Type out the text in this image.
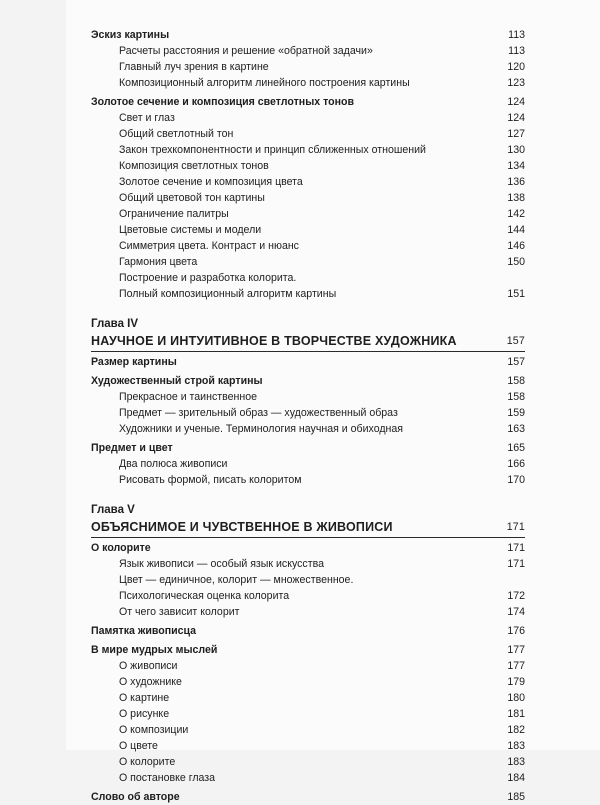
Эскиз картины	113
Расчеты расстояния и решение «обратной задачи»	113
Главный луч зрения в картине	120
Композиционный алгоритм линейного построения картины	123
Золотое сечение и композиция светлотных тонов	124
Свет и глаз	124
Общий светлотный тон	127
Закон трехкомпонентности и принцип сближенных отношений	130
Композиция светлотных тонов	134
Золотое сечение и композиция цвета	136
Общий цветовой тон картины	138
Ограничение палитры	142
Цветовые системы и модели	144
Симметрия цвета. Контраст и нюанс	146
Гармония цвета	150
Построение и разработка колорита.
Полный композиционный алгоритм картины	151
Глава IV
НАУЧНОЕ И ИНТУИТИВНОЕ В ТВОРЧЕСТВЕ ХУДОЖНИКА	157
Размер картины	157
Художественный строй картины	158
Прекрасное и таинственное	158
Предмет — зрительный образ — художественный образ	159
Художники и ученые. Терминология научная и обиходная	163
Предмет и цвет	165
Два полюса живописи	166
Рисовать формой, писать колоритом	170
Глава V
ОБЪЯСНИМОЕ И ЧУВСТВЕННОЕ В ЖИВОПИСИ	171
О колорите	171
Язык живописи — особый язык искусства	171
Цвет — единичное, колорит — множественное.
Психологическая оценка колорита	172
От чего зависит колорит	174
Памятка живописца	176
В мире мудрых мыслей	177
О живописи	177
О художнике	179
О картине	180
О рисунке	181
О композиции	182
О цвете	183
О колорите	183
О постановке глаза	184
Слово об авторе	185
